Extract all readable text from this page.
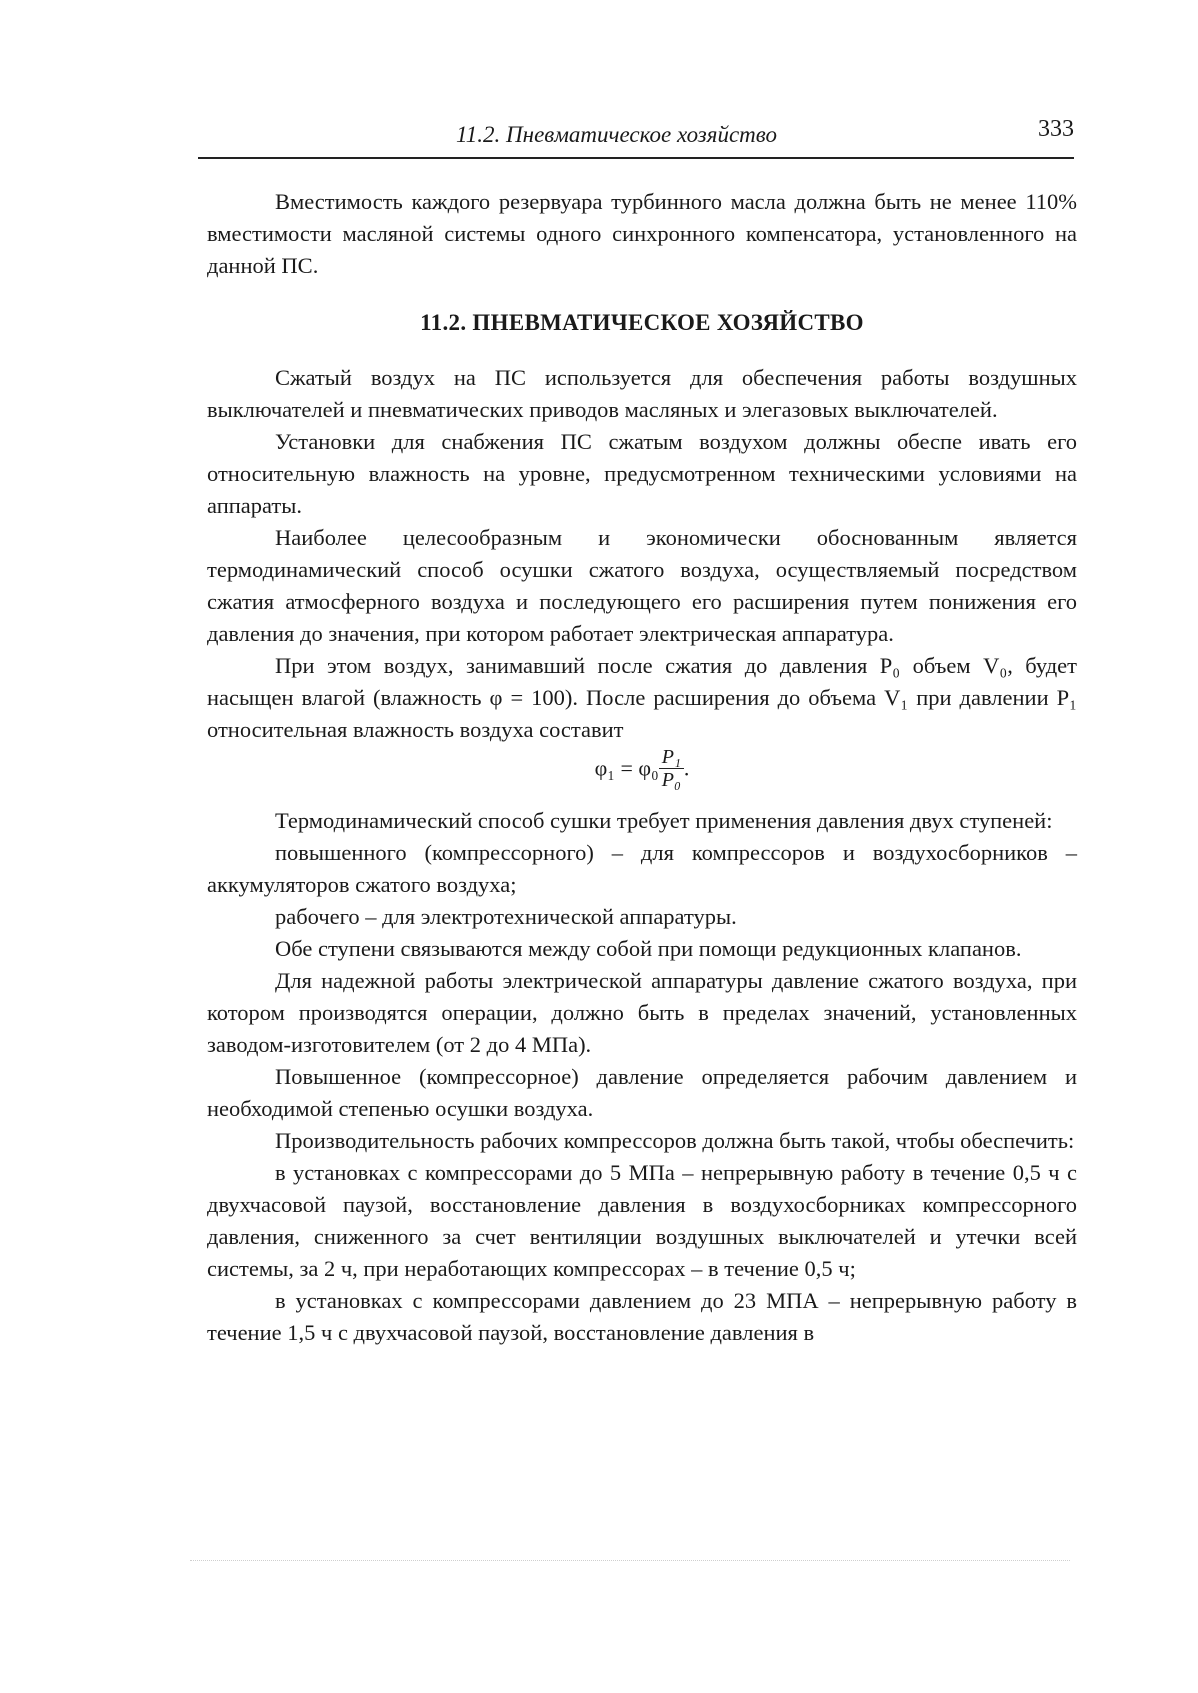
11.2. Пневматическое хозяйство	333

Вместимость каждого резервуара турбинного масла должна быть не менее 110% вместимости масляной системы одного синхронного компенсатора, установленного на данной ПС.

11.2. ПНЕВМАТИЧЕСКОЕ ХОЗЯЙСТВО

Сжатый воздух на ПС используется для обеспечения работы воздушных выключателей и пневматических приводов масляных и элегазовых выключателей.

Установки для снабжения ПС сжатым воздухом должны обеспе ивать его относительную влажность на уровне, предусмотренном техническими условиями на аппараты.

Наиболее целесообразным и экономически обоснованным является термодинамический способ осушки сжатого воздуха, осуществляемый посредством сжатия атмосферного воздуха и последующего его расширения путем понижения его давления до значения, при котором работает электрическая аппаратура.

При этом воздух, занимавший после сжатия до давления P₀ объем V₀, будет насыщен влагой (влажность φ = 100). После расширения до объема V₁ при давлении P₁ относительная влажность воздуха составит

$\varphi_1 = \varphi_0 \frac{\text{P₁}}{\text{P₀}}$ .

Термодинамический способ сушки требует применения давления двух ступеней:

повышенного (компрессорного) – для компрессоров и воздухосборников – аккумуляторов сжатого воздуха;

рабочего – для электротехнической аппаратуры.

Обе ступени связываются между собой при помощи редукционных клапанов.

Для надежной работы электрической аппаратуры давление сжатого воздуха, при котором производятся операции, должно быть в пределах значений, установленных заводом-изготовителем (от 2 до 4 МПа).

Повышенное (компрессорное) давление определяется рабочим давлением и необходимой степенью осушки воздуха.

Производительность рабочих компрессоров должна быть такой, чтобы обеспечить:

в установках с компрессорами до 5 МПа – непрерывную работу в течение 0,5 ч с двухчасовой паузой, восстановление давления в воздухосборниках компрессорного давления, сниженного за счет вентиляции воздушных выключателей и утечки всей системы, за 2 ч, при неработающих компрессорах – в течение 0,5 ч;

в установках с компрессорами давлением до 23 МПА – непрерывную работу в течение 1,5 ч с двухчасовой паузой, восстановление давления в
